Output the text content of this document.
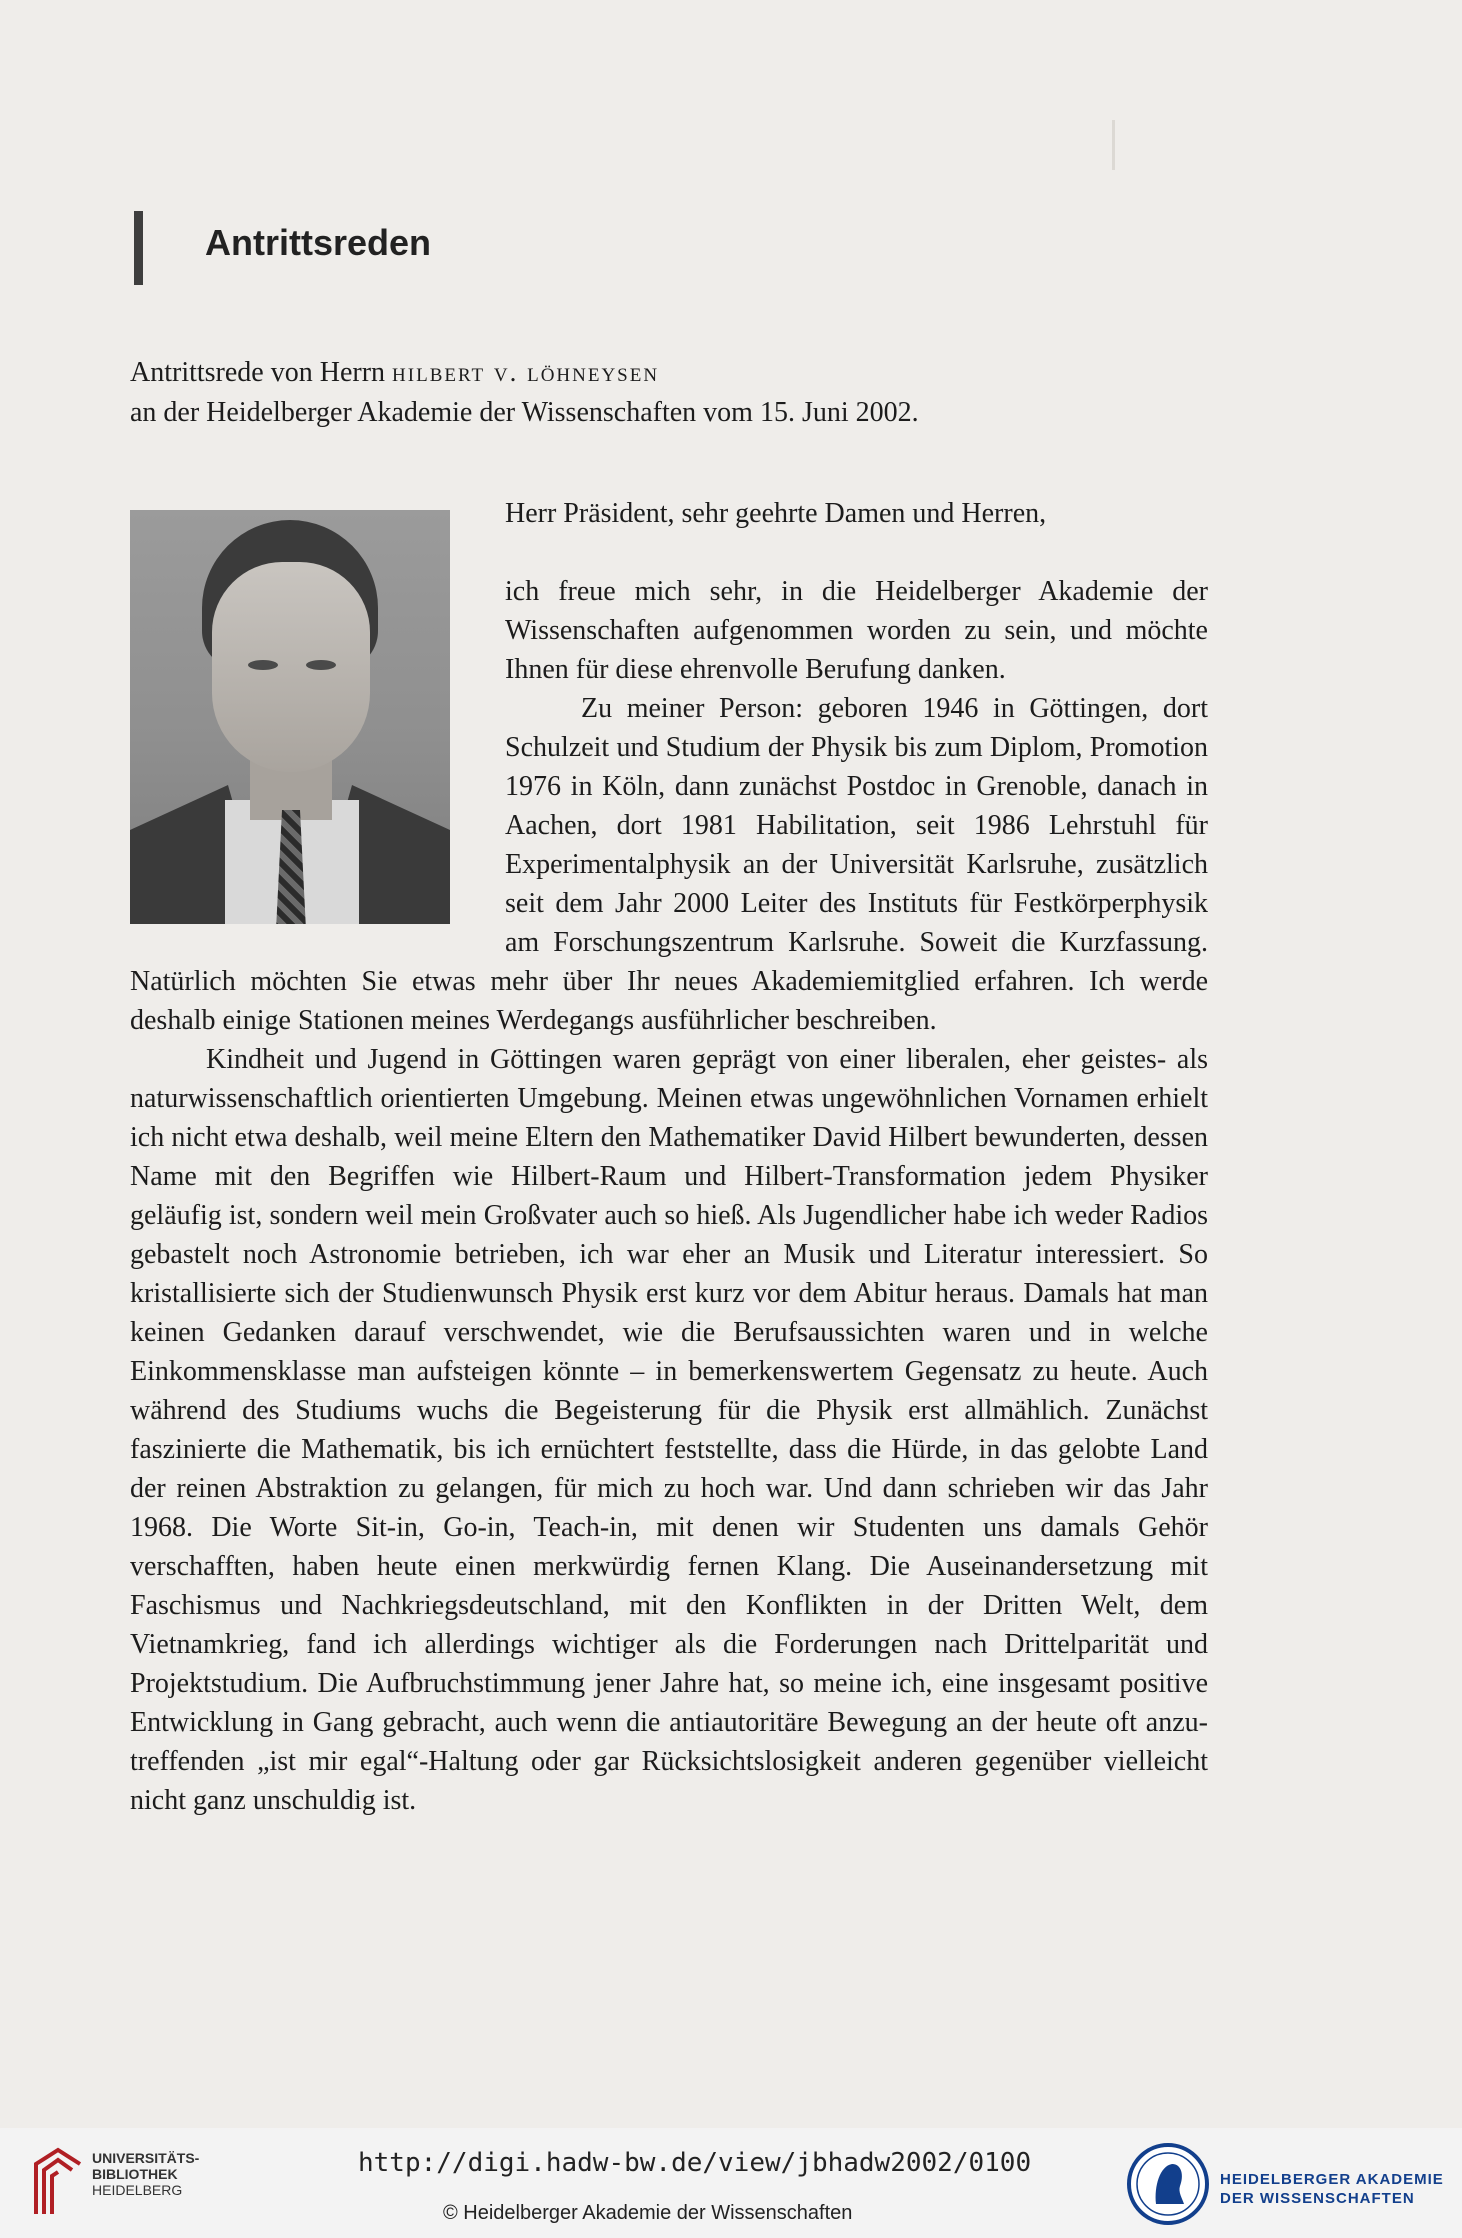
Antrittsreden
Antrittsrede von Herrn hilbert v. löhneysen
an der Heidelberger Akademie der Wissenschaften vom 15. Juni 2002.

Herr Präsident, sehr geehrte Damen und Herren,

ich freue mich sehr, in die Heidelberger Akademie der Wissenschaften aufgenommen worden zu sein, und möchte Ihnen für diese ehrenvolle Berufung danken.

Zu meiner Person: geboren 1946 in Göttingen, dort Schulzeit und Studium der Physik bis zum Diplom, Promotion 1976 in Köln, dann zunächst Postdoc in Grenoble, danach in Aachen, dort 1981 Habilitation, seit 1986 Lehrstuhl für Experimentalphysik an der Universität Karlsruhe, zusätzlich seit dem Jahr 2000 Leiter des Instituts für Festkörperphysik am Forschungszentrum Karlsruhe. Soweit die Kurzfassung. Natürlich möchten Sie etwas mehr über Ihr neues Akademiemitglied erfahren. Ich werde deshalb einige Stationen meines Werdegangs ausführlicher beschreiben.

Kindheit und Jugend in Göttingen waren geprägt von einer liberalen, eher geistes- als naturwissenschaftlich orientierten Umgebung. Meinen etwas ungewöhnlichen Vornamen erhielt ich nicht etwa deshalb, weil meine Eltern den Mathematiker David Hilbert bewunderten, dessen Name mit den Begriffen wie Hilbert-Raum und Hilbert-Transformation jedem Physiker geläufig ist, sondern weil mein Großvater auch so hieß. Als Jugendlicher habe ich weder Radios gebastelt noch Astronomie betrieben, ich war eher an Musik und Literatur interessiert. So kristallisierte sich der Studienwunsch Physik erst kurz vor dem Abitur heraus. Damals hat man keinen Gedanken darauf verschwendet, wie die Berufsaussichten waren und in welche Einkommensklasse man aufsteigen könnte – in bemerkenswertem Gegensatz zu heute. Auch während des Studiums wuchs die Begeisterung für die Physik erst allmählich. Zunächst faszinierte die Mathematik, bis ich ernüchtert feststellte, dass die Hürde, in das gelobte Land der reinen Abstraktion zu gelangen, für mich zu hoch war. Und dann schrieben wir das Jahr 1968. Die Worte Sit-in, Go-in, Teach-in, mit denen wir Studenten uns damals Gehör verschafften, haben heute einen merkwürdig fernen Klang. Die Auseinandersetzung mit Faschismus und Nachkriegsdeutschland, mit den Konflikten in der Dritten Welt, dem Vietnamkrieg, fand ich allerdings wichtiger als die Forderungen nach Drittelparität und Projektstudium. Die Aufbruchstimmung jener Jahre hat, so meine ich, eine insgesamt positive Entwicklung in Gang gebracht, auch wenn die antiautoritäre Bewegung an der heute oft anzutreffenden „ist mir egal“-Haltung oder gar Rücksichtslosigkeit anderen gegenüber vielleicht nicht ganz unschuldig ist.

UNIVERSITÄTS-
BIBLIOTHEK
HEIDELBERG
http://digi.hadw-bw.de/view/jbhadw2002/0100
© Heidelberger Akademie der Wissenschaften
HEIDELBERGER AKADEMIE
DER WISSENSCHAFTEN
